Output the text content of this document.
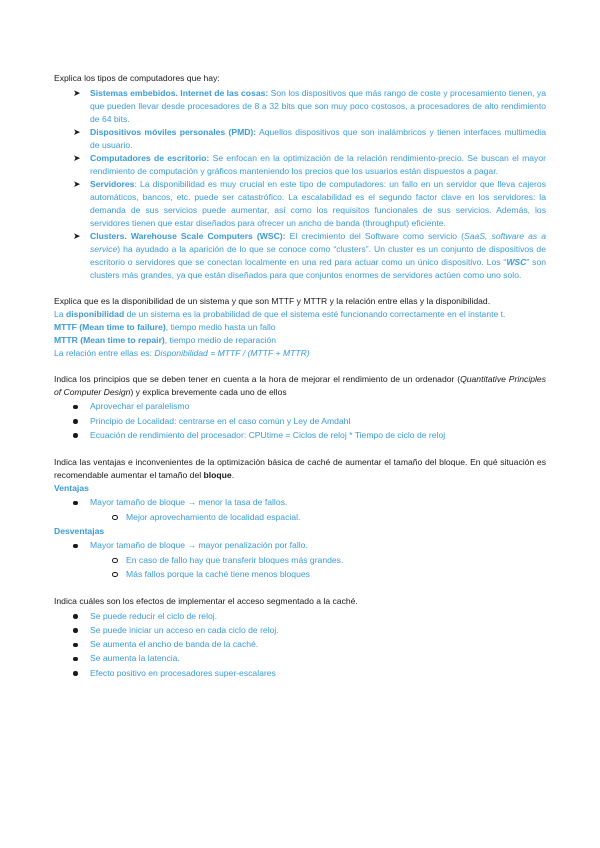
Explica los tipos de computadores que hay:

➤ Sistemas embebidos. Internet de las cosas: Son los dispositivos que más rango de coste y procesamiento tienen, ya que pueden llevar desde procesadores de 8 a 32 bits que son muy poco costosos, a procesadores de alto rendimiento de 64 bits.
➤ Dispositivos móviles personales (PMD): Aquellos dispositivos que son inalámbricos y tienen interfaces multimedia de usuario.
➤ Computadores de escritorio: Se enfocan en la optimización de la relación rendimiento-precio. Se buscan el mayor rendimiento de computación y gráficos manteniendo los precios que los usuarios están dispuestos a pagar.
➤ Servidores: La disponibilidad es muy crucial en este tipo de computadores: un fallo en un servidor que lleva cajeros automáticos, bancos, etc. puede ser catastrófico. La escalabilidad es el segundo factor clave en los servidores: la demanda de sus servicios puede aumentar, así como los requisitos funcionales de sus servicios. Además, los servidores tienen que estar diseñados para ofrecer un ancho de banda (throughput) eficiente.
➤ Clusters. Warehouse Scale Computers (WSC): El crecimiento del Software como servicio (SaaS, software as a service) ha ayudado a la aparición de lo que se conoce como “clusters”. Un cluster es un conjunto de dispositivos de escritorio o servidores que se conectan localmente en una red para actuar como un único dispositivo. Los “WSC” son clusters más grandes, ya que están diseñados para que conjuntos enormes de servidores actúen como uno solo.

Explica que es la disponibilidad de un sistema y que son MTTF y MTTR y la relación entre ellas y la disponibilidad.

La disponibilidad de un sistema es la probabilidad de que el sistema esté funcionando correctamente en el instante t.

MTTF (Mean time to failure), tiempo medio hasta un fallo

MTTR (Mean time to repair), tiempo medio de reparación

La relación entre ellas es: Disponibilidad = MTTF / (MTTF + MTTR)

Indica los principios que se deben tener en cuenta a la hora de mejorar el rendimiento de un ordenador (Quantitative Principles of Computer Design) y explica brevemente cada uno de ellos

Aprovechar el paralelismo
Principio de Localidad: centrarse en el caso común y Ley de Amdahl
Ecuación de rendimiento del procesador: CPUtime = Ciclos de reloj * Tiempo de ciclo de reloj

Indica las ventajas e inconvenientes de la optimización básica de caché de aumentar el tamaño del bloque. En qué situación es recomendable aumentar el tamaño del bloque.

Ventajas

Mayor tamaño de bloque → menor la tasa de fallos.
Mejor aprovechamiento de localidad espacial.

Desventajas

Mayor tamaño de bloque → mayor penalización por fallo.
En caso de fallo hay que transferir bloques más grandes.
Más fallos porque la caché tiene menos bloques

Indica cuáles son los efectos de implementar el acceso segmentado a la caché.

Se puede reducir el ciclo de reloj.
Se puede iniciar un acceso en cada ciclo de reloj.
Se aumenta el ancho de banda de la caché.
Se aumenta la latencia.
Efecto positivo en procesadores super-escalares
